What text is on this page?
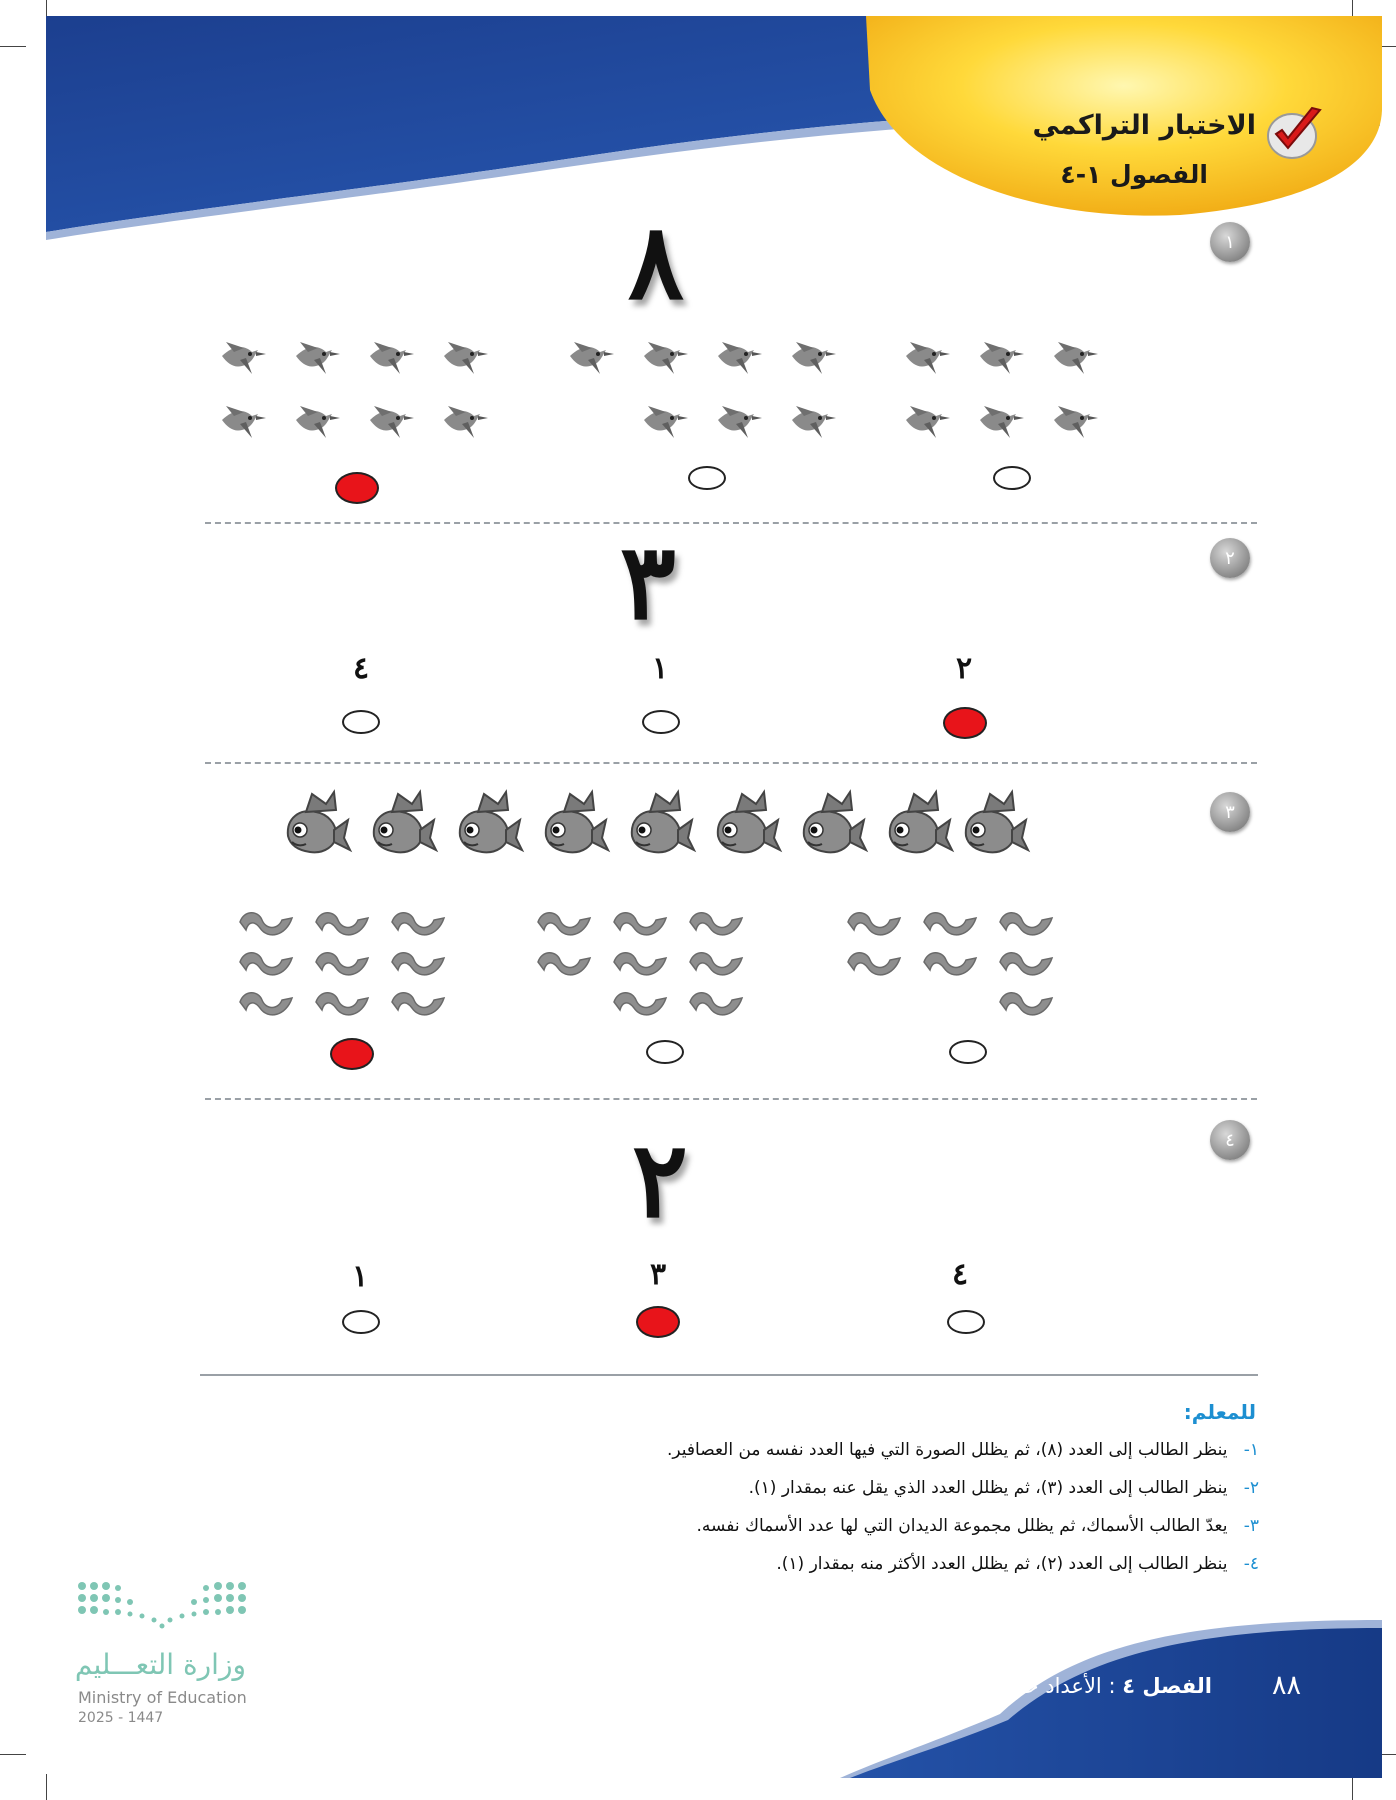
الاختبار التراكمي
الفصول ١-٤
١
٨
٢
٣
٤	١	٢
٣
٤
٢
١	٣	٤
للمعلم:
١-   ينظر الطالب إلى العدد (٨)، ثم يظلل الصورة التي فيها العدد نفسه من العصافير.
٢-   ينظر الطالب إلى العدد (٣)، ثم يظلل العدد الذي يقل عنه بمقدار (١).
٣-   يعدّ الطالب الأسماك، ثم يظلل مجموعة الديدان التي لها عدد الأسماك نفسه.
٤-   ينظر الطالب إلى العدد (٢)، ثم يظلل العدد الأكثر منه بمقدار (١).
وزارة التعـــليم
Ministry of Education
2025 - 1447
٨٨
الفصل ٤ : الأعداد حتى ١٠
